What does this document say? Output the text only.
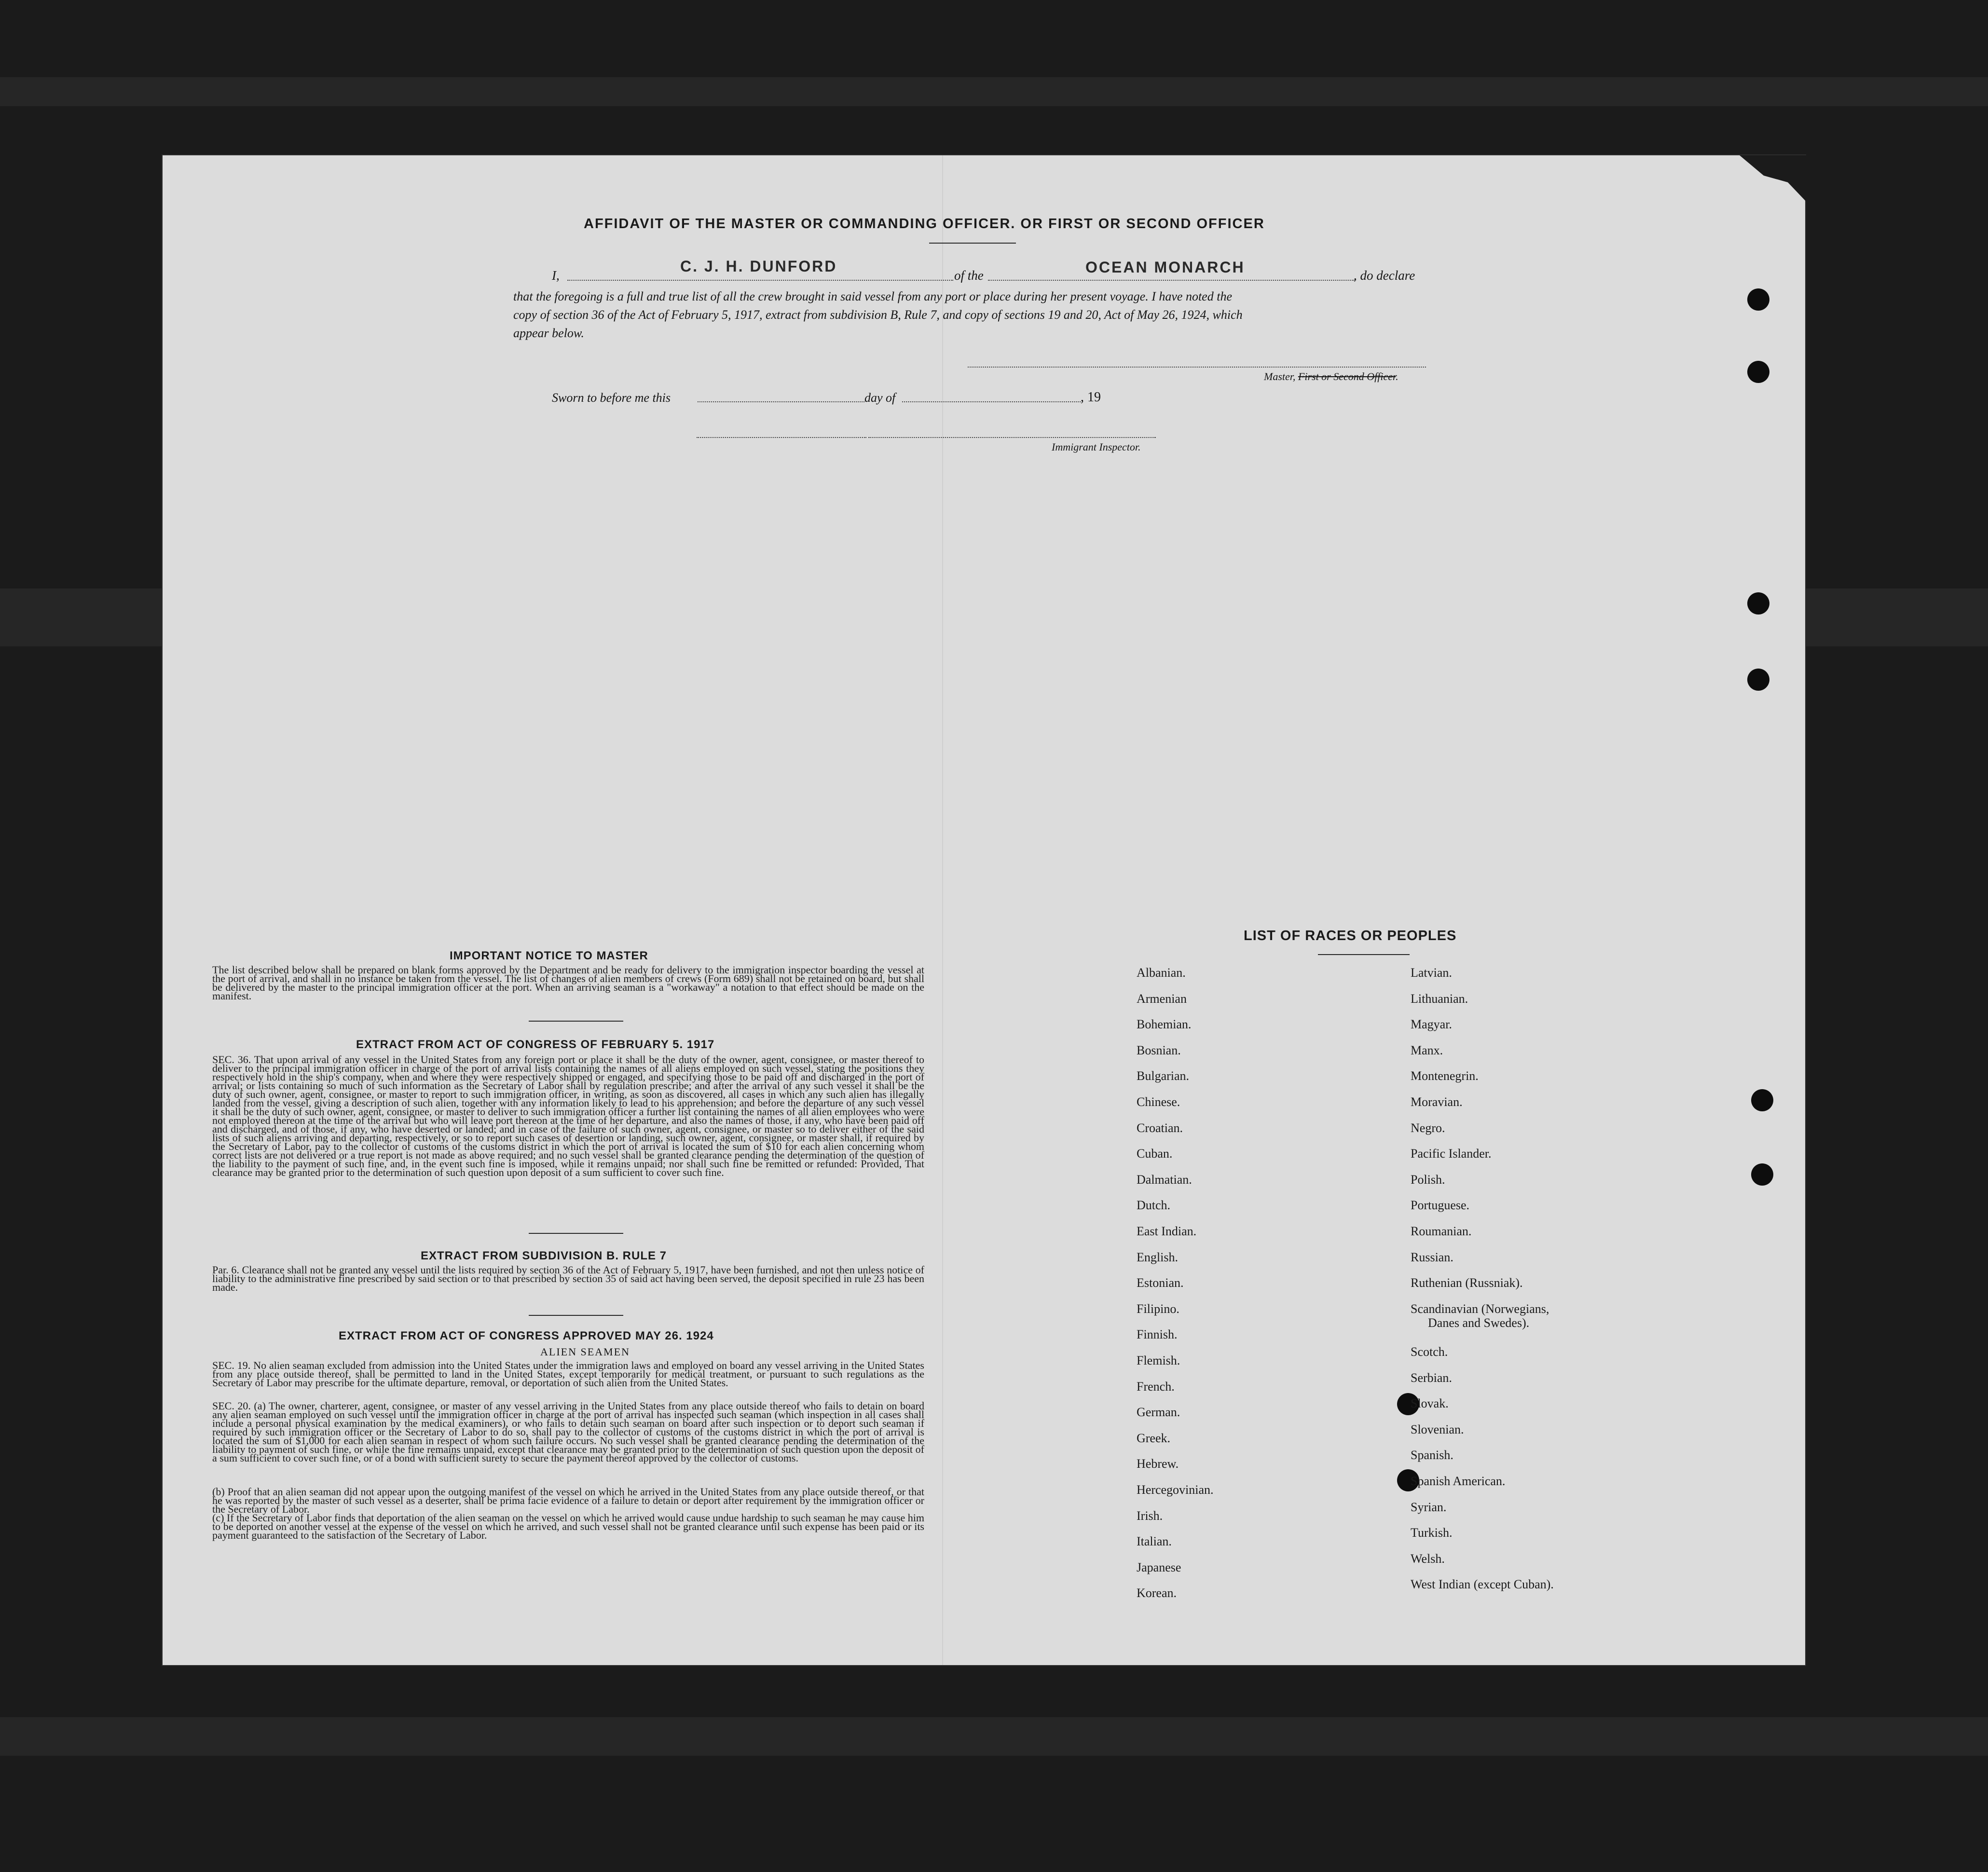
AFFIDAVIT OF THE MASTER OR COMMANDING OFFICER. OR FIRST OR SECOND OFFICER
I,
C. J. H. DUNFORD
of the	OCEAN MONARCH	, do declare
that the foregoing is a full and true list of all the crew brought in said vessel from any port or place during her present voyage. I have noted the
copy of section 36 of the Act of February 5, 1917, extract from subdivision B, Rule 7, and copy of sections 19 and 20, Act of May 26, 1924, which
appear below.
Master, First or Second Officer.
Sworn to before me this	day of	, 19
Immigrant Inspector.
IMPORTANT NOTICE TO MASTER
The list described below shall be prepared on blank forms approved by the Department and be ready for delivery to the immigration inspector boarding the vessel at the port of arrival, and shall in no instance be taken from the vessel. The list of changes of alien members of crews (Form 689) shall not be retained on board, but shall be delivered by the master to the principal immigration officer at the port. When an arriving seaman is a "workaway" a notation to that effect should be made on the manifest.
EXTRACT FROM ACT OF CONGRESS OF FEBRUARY 5. 1917
SEC. 36. That upon arrival of any vessel in the United States from any foreign port or place it shall be the duty of the owner, agent, consignee, or master thereof to deliver to the principal immigration officer in charge of the port of arrival lists containing the names of all aliens employed on such vessel, stating the positions they respectively hold in the ship's company, when and where they were respectively shipped or engaged, and specifying those to be paid off and discharged in the port of arrival; or lists containing so much of such information as the Secretary of Labor shall by regulation prescribe; and after the arrival of any such vessel it shall be the duty of such owner, agent, consignee, or master to report to such immigration officer, in writing, as soon as discovered, all cases in which any such alien has illegally landed from the vessel, giving a description of such alien, together with any information likely to lead to his apprehension; and before the departure of any such vessel it shall be the duty of such owner, agent, consignee, or master to deliver to such immigration officer a further list containing the names of all alien employees who were not employed thereon at the time of the arrival but who will leave port thereon at the time of her departure, and also the names of those, if any, who have been paid off and discharged, and of those, if any, who have deserted or landed; and in case of the failure of such owner, agent, consignee, or master so to deliver either of the said lists of such aliens arriving and departing, respectively, or so to report such cases of desertion or landing, such owner, agent, consignee, or master shall, if required by the Secretary of Labor, pay to the collector of customs of the customs district in which the port of arrival is located the sum of $10 for each alien concerning whom correct lists are not delivered or a true report is not made as above required; and no such vessel shall be granted clearance pending the determination of the question of the liability to the payment of such fine, and, in the event such fine is imposed, while it remains unpaid; nor shall such fine be remitted or refunded: Provided, That clearance may be granted prior to the determination of such question upon deposit of a sum sufficient to cover such fine.
EXTRACT FROM SUBDIVISION B. RULE 7
Par. 6. Clearance shall not be granted any vessel until the lists required by section 36 of the Act of February 5, 1917, have been furnished, and not then unless notice of liability to the administrative fine prescribed by said section or to that prescribed by section 35 of said act having been served, the deposit specified in rule 23 has been made.
EXTRACT FROM ACT OF CONGRESS APPROVED MAY 26. 1924
ALIEN SEAMEN
SEC. 19. No alien seaman excluded from admission into the United States under the immigration laws and employed on board any vessel arriving in the United States from any place outside thereof, shall be permitted to land in the United States, except temporarily for medical treatment, or pursuant to such regulations as the Secretary of Labor may prescribe for the ultimate departure, removal, or deportation of such alien from the United States.
SEC. 20. (a) The owner, charterer, agent, consignee, or master of any vessel arriving in the United States from any place outside thereof who fails to detain on board any alien seaman employed on such vessel until the immigration officer in charge at the port of arrival has inspected such seaman (which inspection in all cases shall include a personal physical examination by the medical examiners), or who fails to detain such seaman on board after such inspection or to deport such seaman if required by such immigration officer or the Secretary of Labor to do so, shall pay to the collector of customs of the customs district in which the port of arrival is located the sum of $1,000 for each alien seaman in respect of whom such failure occurs. No such vessel shall be granted clearance pending the determination of the liability to payment of such fine, or while the fine remains unpaid, except that clearance may be granted prior to the determination of such question upon the deposit of a sum sufficient to cover such fine, or of a bond with sufficient surety to secure the payment thereof approved by the collector of customs.
(b) Proof that an alien seaman did not appear upon the outgoing manifest of the vessel on which he arrived in the United States from any place outside thereof, or that he was reported by the master of such vessel as a deserter, shall be prima facie evidence of a failure to detain or deport after requirement by the immigration officer or the Secretary of Labor.
(c) If the Secretary of Labor finds that deportation of the alien seaman on the vessel on which he arrived would cause undue hardship to such seaman he may cause him to be deported on another vessel at the expense of the vessel on which he arrived, and such vessel shall not be granted clearance until such expense has been paid or its payment guaranteed to the satisfaction of the Secretary of Labor.
LIST OF RACES OR PEOPLES
Albanian.
Armenian
Bohemian.
Bosnian.
Bulgarian.
Chinese.
Croatian.
Cuban.
Dalmatian.
Dutch.
East Indian.
English.
Estonian.
Filipino.
Finnish.
Flemish.
French.
German.
Greek.
Hebrew.
Hercegovinian.
Irish.
Italian.
Japanese
Korean.
Latvian.
Lithuanian.
Magyar.
Manx.
Montenegrin.
Moravian.
Negro.
Pacific Islander.
Polish.
Portuguese.
Roumanian.
Russian.
Ruthenian (Russniak).
Scandinavian (Norwegians,
Danes and Swedes).
Scotch.
Serbian.
Slovak.
Slovenian.
Spanish.
Spanish American.
Syrian.
Turkish.
Welsh.
West Indian (except Cuban).
